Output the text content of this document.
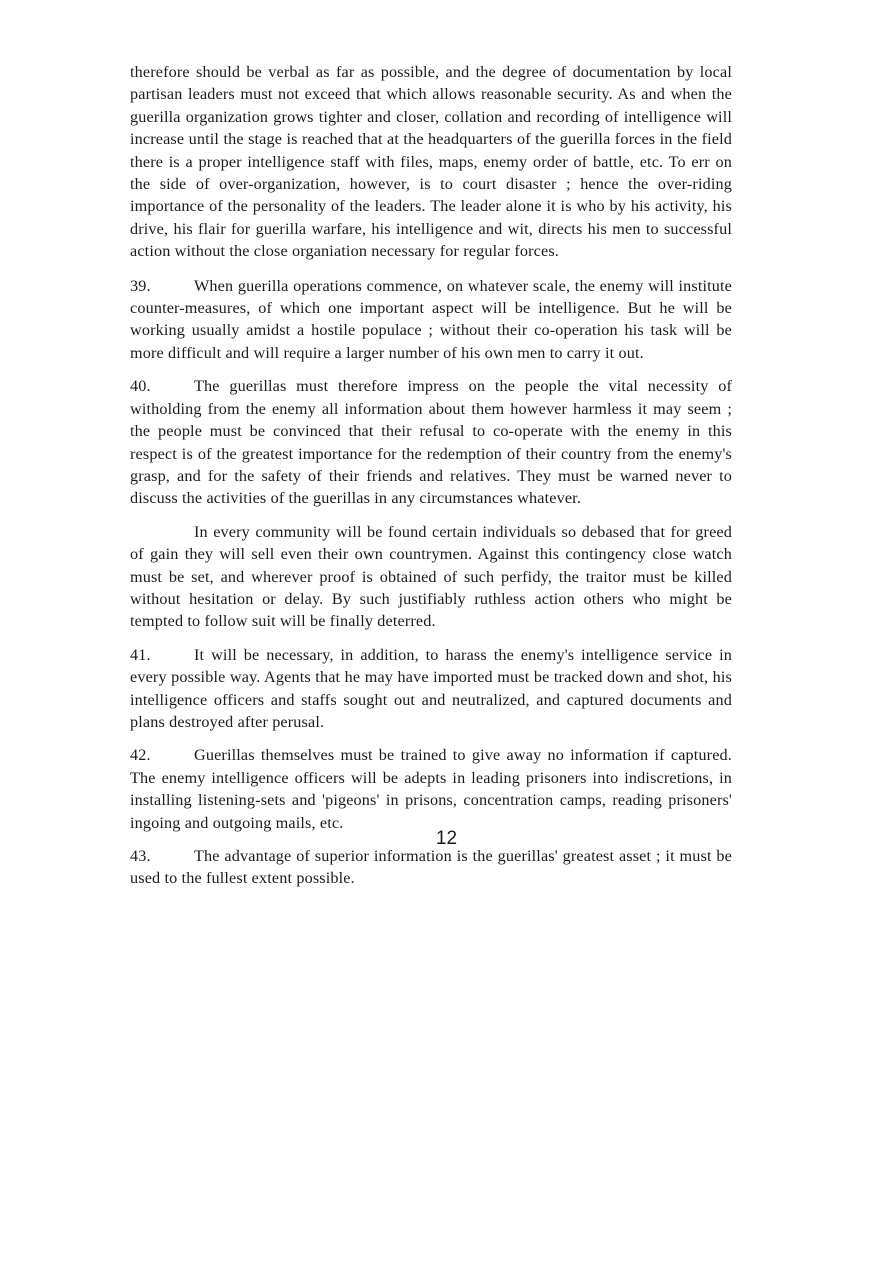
therefore should be verbal as far as possible, and the degree of documentation by local partisan leaders must not exceed that which allows reasonable security. As and when the guerilla organization grows tighter and closer, collation and recording of intelligence will increase until the stage is reached that at the headquarters of the guerilla forces in the field there is a proper intelligence staff with files, maps, enemy order of battle, etc. To err on the side of over-organization, however, is to court disaster ; hence the over-riding importance of the personality of the leaders. The leader alone it is who by his activity, his drive, his flair for guerilla warfare, his intelligence and wit, directs his men to successful action without the close organiation necessary for regular forces.

39.	When guerilla operations commence, on whatever scale, the enemy will institute counter-measures, of which one important aspect will be intelligence. But he will be working usually amidst a hostile populace ; without their co-operation his task will be more difficult and will require a larger number of his own men to carry it out.

40.	The guerillas must therefore impress on the people the vital necessity of witholding from the enemy all information about them however harmless it may seem ; the people must be convinced that their refusal to co-operate with the enemy in this respect is of the greatest importance for the redemption of their country from the enemy's grasp, and for the safety of their friends and relatives. They must be warned never to discuss the activities of the guerillas in any circumstances whatever.

In every community will be found certain individuals so debased that for greed of gain they will sell even their own countrymen. Against this contingency close watch must be set, and wherever proof is obtained of such perfidy, the traitor must be killed without hesitation or delay. By such justifiably ruthless action others who might be tempted to follow suit will be finally deterred.

41.	It will be necessary, in addition, to harass the enemy's intelligence service in every possible way. Agents that he may have imported must be tracked down and shot, his intelligence officers and staffs sought out and neutralized, and captured documents and plans destroyed after perusal.

42.	Guerillas themselves must be trained to give away no information if captured. The enemy intelligence officers will be adepts in leading prisoners into indiscretions, in installing listening-sets and 'pigeons' in prisons, concentration camps, reading prisoners' ingoing and outgoing mails, etc.

43.	The advantage of superior information is the guerillas' greatest asset ; it must be used to the fullest extent possible.

12
